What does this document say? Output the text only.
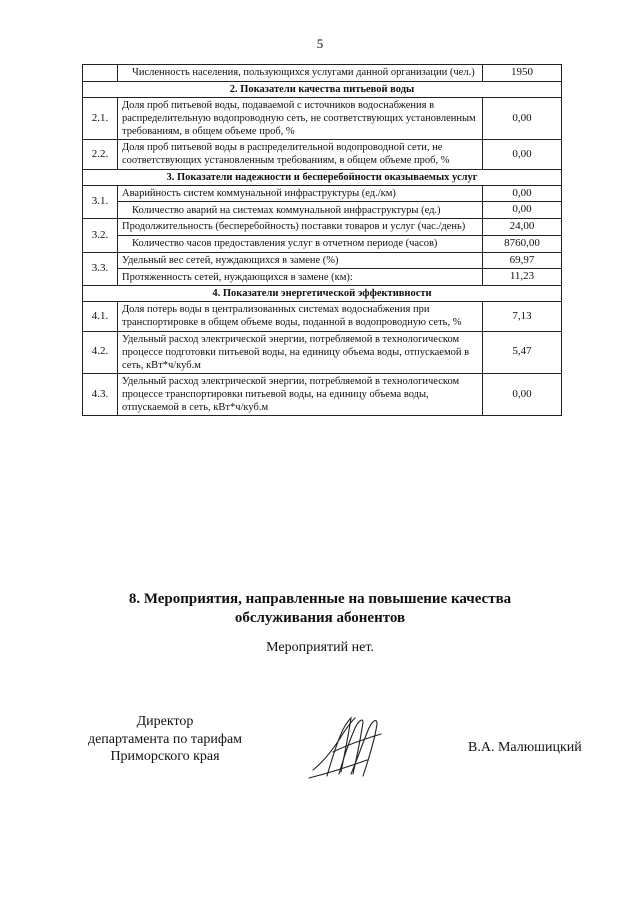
5
	Численность населения, пользующихся услугами данной организации (чел.)	1950
2. Показатели качества питьевой воды		
2.1.	Доля проб питьевой воды, подаваемой с источников водоснабжения в распределительную водопроводную сеть, не соответствующих установленным требованиям, в общем объеме проб, %	0,00
2.2.	Доля проб питьевой воды в распределительной водопроводной сети, не соответствующих установленным требованиям, в общем объеме проб, %	0,00
3. Показатели надежности и бесперебойности оказываемых услуг		
3.1.	Аварийность систем коммунальной инфраструктуры (ед./км)	0,00
	Количество аварий на системах коммунальной инфраструктуры (ед.)	0,00
3.2.	Продолжительность (бесперебойность) поставки товаров и услуг (час./день)	24,00
	Количество часов предоставления услуг в отчетном периоде (часов)	8760,00
3.3.	Удельный вес сетей, нуждающихся в замене (%)	69,97
	Протяженность сетей, нуждающихся в замене (км):	11,23
4. Показатели энергетической эффективности		
4.1.	Доля потерь воды в централизованных системах водоснабжения при транспортировке в общем объеме воды, поданной в водопроводную сеть, %	7,13
4.2.	Удельный расход электрической энергии, потребляемой в технологическом процессе подготовки питьевой воды, на единицу объема воды, отпускаемой в сеть, кВт*ч/куб.м	5,47
4.3.	Удельный расход электрической энергии, потребляемой в технологическом процессе транспортировки питьевой воды, на единицу объема воды, отпускаемой в сеть, кВт*ч/куб.м	0,00
8. Мероприятия, направленные на повышение качества
обслуживания абонентов
Мероприятий нет.
Директор
департамента по тарифам
Приморского края
В.А. Малюшицкий
